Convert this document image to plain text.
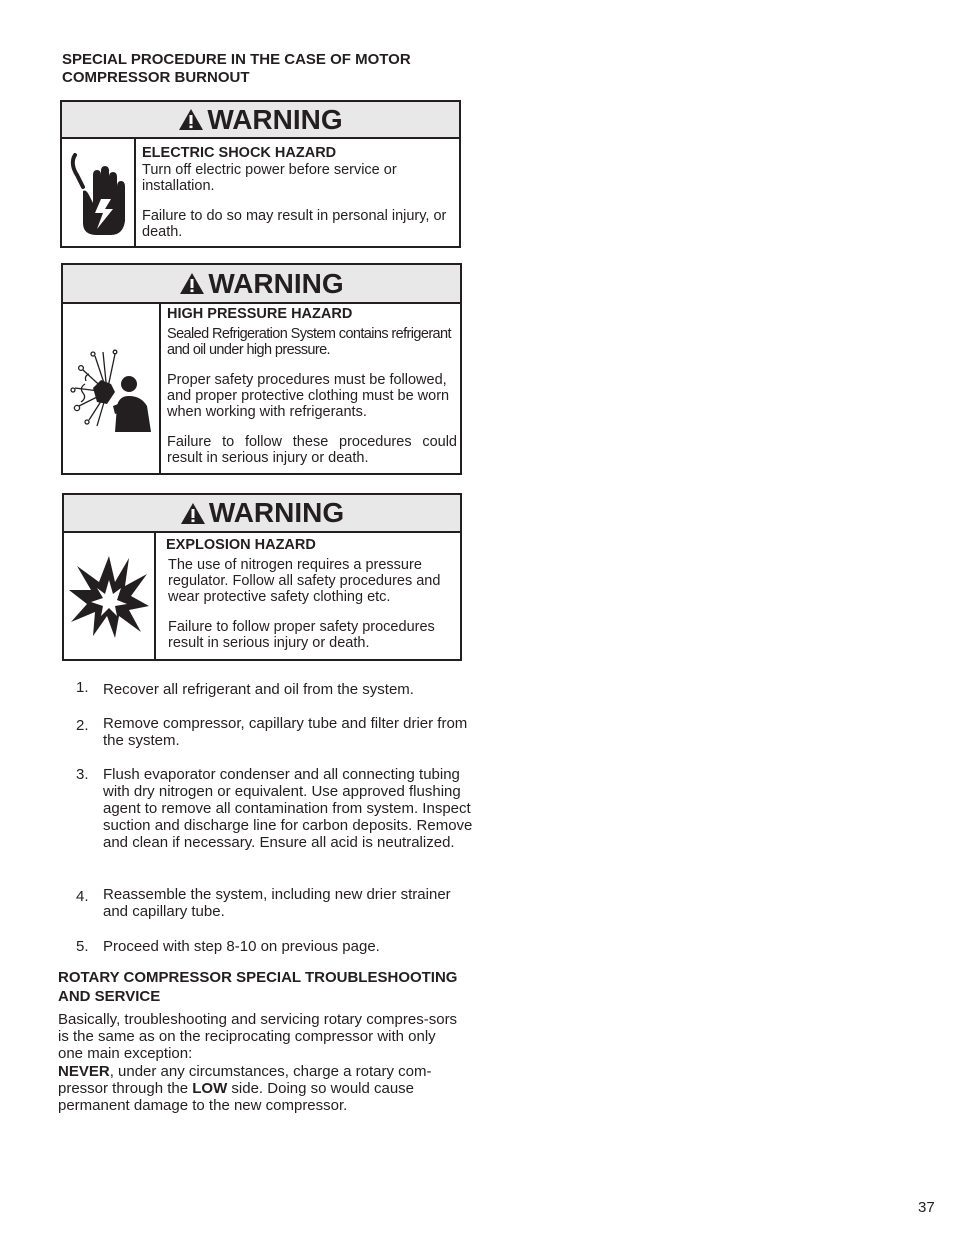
SPECIAL PROCEDURE IN THE CASE OF MOTOR
COMPRESSOR BURNOUT
WARNING
ELECTRIC SHOCK HAZARD

Turn off electric power before service or installation.

Failure to do so may result in personal injury, or death.

WARNING
HIGH PRESSURE HAZARD

Sealed Refrigeration System contains refrigerant and oil under high pressure.

Proper safety procedures must be followed, and proper protective clothing must be worn when working with refrigerants.

Failure to follow these procedures could result in serious injury or death.

WARNING
EXPLOSION HAZARD

The use of nitrogen requires a pressure regulator. Follow all safety procedures and wear protective safety clothing etc.

Failure to follow proper safety procedures result in serious injury or death.

1. Recover all refrigerant and oil from the system.
2. Remove compressor, capillary tube and filter drier from the system.
3. Flush evaporator condenser and all connecting tubing with dry nitrogen or equivalent. Use approved flushing agent to remove all contamination from system. Inspect suction and discharge line for carbon deposits. Remove and clean if necessary. Ensure all acid is neutralized.
4. Reassemble the system, including new drier strainer and capillary tube.
5. Proceed with step 8-10 on previous page.
ROTARY COMPRESSOR SPECIAL TROUBLESHOOTING
AND SERVICE
Basically, troubleshooting and servicing rotary compres-sors is the same as on the reciprocating compressor with only one main exception:
NEVER, under any circumstances, charge a rotary com-pressor through the LOW side. Doing so would cause permanent damage to the new compressor.
37
